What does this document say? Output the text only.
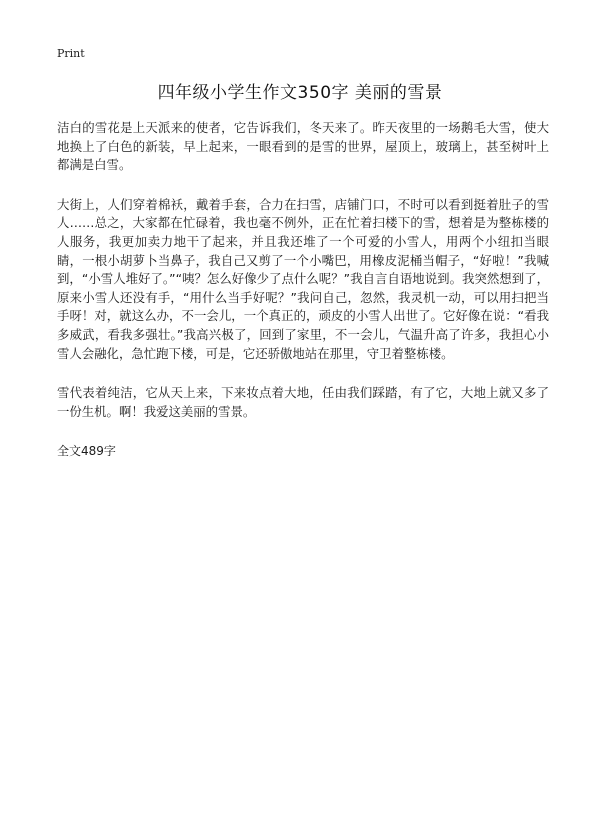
Print
四年级小学生作文350字 美丽的雪景

洁白的雪花是上天派来的使者，它告诉我们，冬天来了。昨天夜里的一场鹅毛大雪，使大地换上了白色的新装，早上起来，一眼看到的是雪的世界，屋顶上，玻璃上，甚至树叶上都满是白雪。

大街上，人们穿着棉袄，戴着手套，合力在扫雪，店铺门口，不时可以看到挺着肚子的雪人……总之，大家都在忙碌着，我也毫不例外，正在忙着扫楼下的雪，想着是为整栋楼的人服务，我更加卖力地干了起来，并且我还堆了一个可爱的小雪人，用两个小纽扣当眼睛，一根小胡萝卜当鼻子，我自己又剪了一个小嘴巴，用橡皮泥桶当帽子，“好啦！”我喊到，“小雪人堆好了。”“咦？怎么好像少了点什么呢？”我自言自语地说到。我突然想到了，原来小雪人还没有手，“用什么当手好呢？”我问自己，忽然，我灵机一动，可以用扫把当手呀！对，就这么办，不一会儿，一个真正的，顽皮的小雪人出世了。它好像在说：“看我多威武，看我多强壮。”我高兴极了，回到了家里，不一会儿，气温升高了许多，我担心小雪人会融化，急忙跑下楼，可是，它还骄傲地站在那里，守卫着整栋楼。

雪代表着纯洁，它从天上来，下来妆点着大地，任由我们踩踏，有了它，大地上就又多了一份生机。啊！我爱这美丽的雪景。

全文489字
